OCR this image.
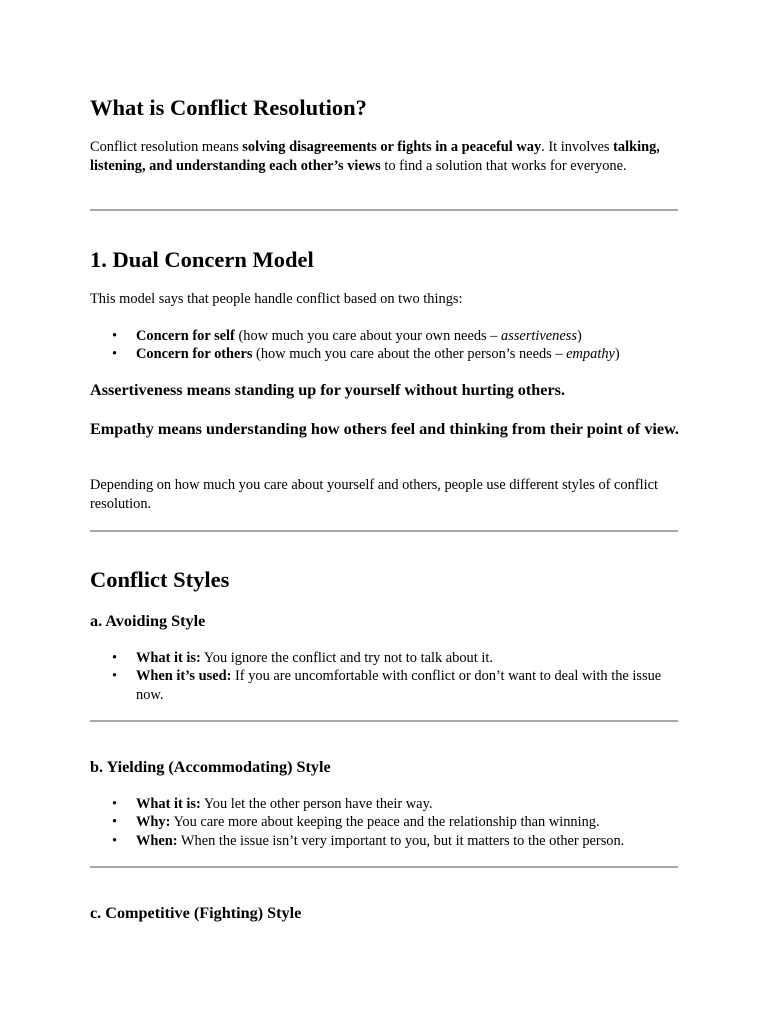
What is Conflict Resolution?

Conflict resolution means solving disagreements or fights in a peaceful way. It involves talking, listening, and understanding each other’s views to find a solution that works for everyone.

1. Dual Concern Model

This model says that people handle conflict based on two things:

• Concern for self (how much you care about your own needs – assertiveness)
• Concern for others (how much you care about the other person’s needs – empathy)
Assertiveness means standing up for yourself without hurting others.
Empathy means understanding how others feel and thinking from their point of view.

Depending on how much you care about yourself and others, people use different styles of conflict resolution.

Conflict Styles
a. Avoiding Style
• What it is: You ignore the conflict and try not to talk about it.
• When it’s used: If you are uncomfortable with conflict or don’t want to deal with the issue now.
b. Yielding (Accommodating) Style
• What it is: You let the other person have their way.
• Why: You care more about keeping the peace and the relationship than winning.
• When: When the issue isn’t very important to you, but it matters to the other person.
c. Competitive (Fighting) Style
